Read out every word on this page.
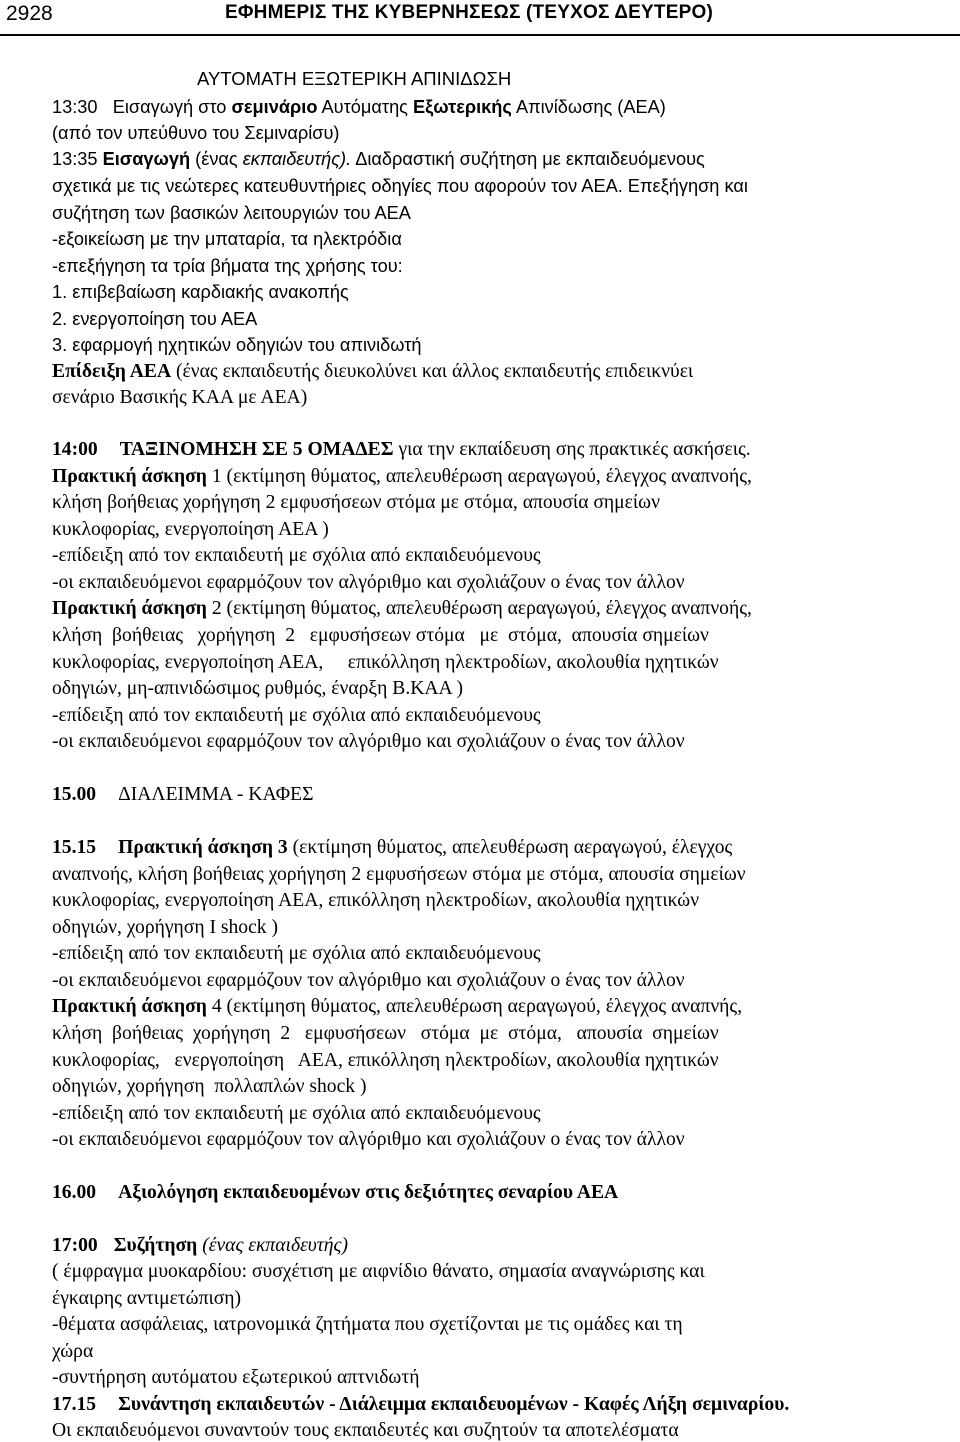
2928	ΕΦΗΜΕΡΙΣ ΤΗΣ ΚΥΒΕΡΝΗΣΕΩΣ (ΤΕΥΧΟΣ ΔΕΥΤΕΡΟ)
ΑΥΤΟΜΑΤΗ ΕΞΩΤΕΡΙΚΗ ΑΠΙΝΙΔΩΣΗ
13:30 Εισαγωγή στο σεμινάριο Αυτόματης Εξωτερικής Απινίδωσης (ΑΕΑ)
(από τον υπεύθυνο του Σεμιναρίσυ)
13:35 Εισαγωγή (ένας εκπαιδευτής). Διαδραστική συζήτηση με εκπαιδευόμενους
σχετικά με τις νεώτερες κατευθυντήριες οδηγίες που αφορούν τον ΑΕΑ. Επεξήγηση και
συζήτηση των βασικών λειτουργιών του ΑΕΑ
-εξοικείωση με την μπαταρία, τα ηλεκτρόδια
-επεξήγηση τα τρία βήματα της χρήσης του:
1. επιβεβαίωση καρδιακής ανακοπής
2. ενεργοποίηση του ΑΕΑ
3. εφαρμογή ηχητικών οδηγιών του απινιδωτή
Επίδειξη ΑΕΑ (ένας εκπαιδευτής διευκολύνει και άλλος εκπαιδευτής επιδεικνύει
σενάριο Βασικής ΚΑΑ με ΑΕΑ)
14:00 ΤΑΞΙΝΟΜΗΣΗ ΣΕ 5 ΟΜΑΔΕΣ για την εκπαίδευση σης πρακτικές ασκήσεις.
Πρακτική άσκηση 1 (εκτίμηση θύματος, απελευθέρωση αεραγωγού, έλεγχος αναπνοής,
κλήση βοήθειας χορήγηση 2 εμφυσήσεων στόμα με στόμα, απουσία σημείων
κυκλοφορίας, ενεργοποίηση ΑΕΑ )
-επίδειξη από τον εκπαιδευτή με σχόλια από εκπαιδευόμενους
-οι εκπαιδευόμενοι εφαρμόζουν τον αλγόριθμο και σχολιάζουν ο ένας τον άλλον
Πρακτική άσκηση 2 (εκτίμηση θύματος, απελευθέρωση αεραγωγού, έλεγχος αναπνοής,
κλήση  βοήθειας   χορήγηση  2   εμφυσήσεων στόμα   με  στόμα,  απουσία σημείων
κυκλοφορίας, ενεργοποίηση ΑΕΑ,     επικόλληση ηλεκτροδίων, ακολουθία ηχητικών
οδηγιών, μη-απινιδώσιμος ρυθμός, έναρξη Β.ΚΑΑ )
-επίδειξη από τον εκπαιδευτή με σχόλια από εκπαιδευόμενους
-οι εκπαιδευόμενοι εφαρμόζουν τον αλγόριθμο και σχολιάζουν ο ένας τον άλλον
15.00 ΔΙΑΛΕΙΜΜΑ - ΚΑΦΕΣ
15.15 Πρακτική άσκηση 3 (εκτίμηση θύματος, απελευθέρωση αεραγωγού, έλεγχος
αναπνοής, κλήση βοήθειας χορήγηση 2 εμφυσήσεων στόμα με στόμα, απουσία σημείων
κυκλοφορίας, ενεργοποίηση ΑΕΑ, επικόλληση ηλεκτροδίων, ακολουθία ηχητικών
οδηγιών, χορήγηση Ι shock )
-επίδειξη από τον εκπαιδευτή με σχόλια από εκπαιδευόμενους
-οι εκπαιδευόμενοι εφαρμόζουν τον αλγόριθμο και σχολιάζουν ο ένας τον άλλον
Πρακτική άσκηση 4 (εκτίμηση θύματος, απελευθέρωση αεραγωγού, έλεγχος αναπνής,
κλήση  βοήθειας  χορήγηση  2   εμφυσήσεων   στόμα  με  στόμα,   απουσία  σημείων
κυκλοφορίας,   ενεργοποίηση   ΑΕΑ, επικόλληση ηλεκτροδίων, ακολουθία ηχητικών
οδηγιών, χορήγηση  πολλαπλών shock )
-επίδειξη από τον εκπαιδευτή με σχόλια από εκπαιδευόμενους
-οι εκπαιδευόμενοι εφαρμόζουν τον αλγόριθμο και σχολιάζουν ο ένας τον άλλον
16.00 Αξιολόγηση εκπαιδευομένων στις δεξιότητες σεναρίου ΑΕΑ
17:00 Συζήτηση (ένας εκπαιδευτής)
( έμφραγμα μυοκαρδίου: συσχέτιση με αιφνίδιο θάνατο, σημασία αναγνώρισης και
έγκαιρης αντιμετώπιση)
-θέματα ασφάλειας, ιατρονομικά ζητήματα που σχετίζονται με τις ομάδες και τη
χώρα
-συντήρηση αυτόματου εξωτερικού απτνιδωτή
17.15 Συνάντηση εκπαιδευτών - Διάλειμμα εκπαιδευομένων - Καφές Λήξη σεμιναρίου.
Οι εκπαιδευόμενοι συναντούν τους εκπαιδευτές και συζητούν τα αποτελέσματα
